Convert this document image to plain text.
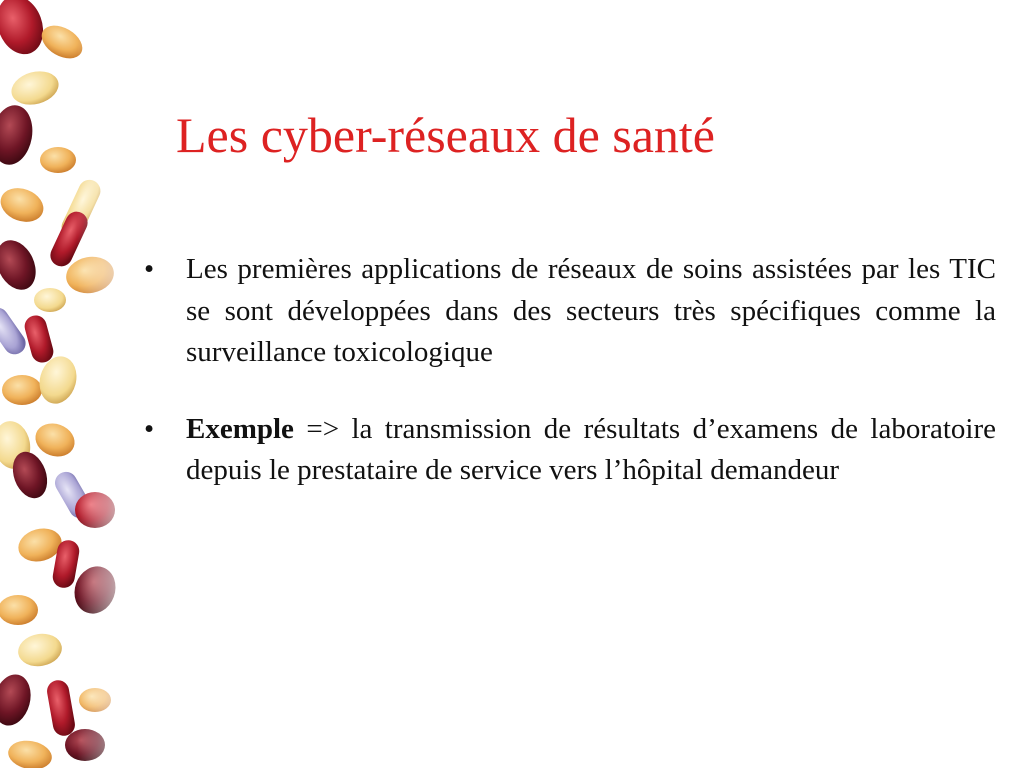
Les cyber-réseaux de santé
• Les premières applications de réseaux de soins assistées par les TIC se sont développées dans des secteurs très spécifiques comme la surveillance toxicologique
• Exemple => la transmission de résultats d’examens de laboratoire depuis le prestataire de service vers l’hôpital demandeur
